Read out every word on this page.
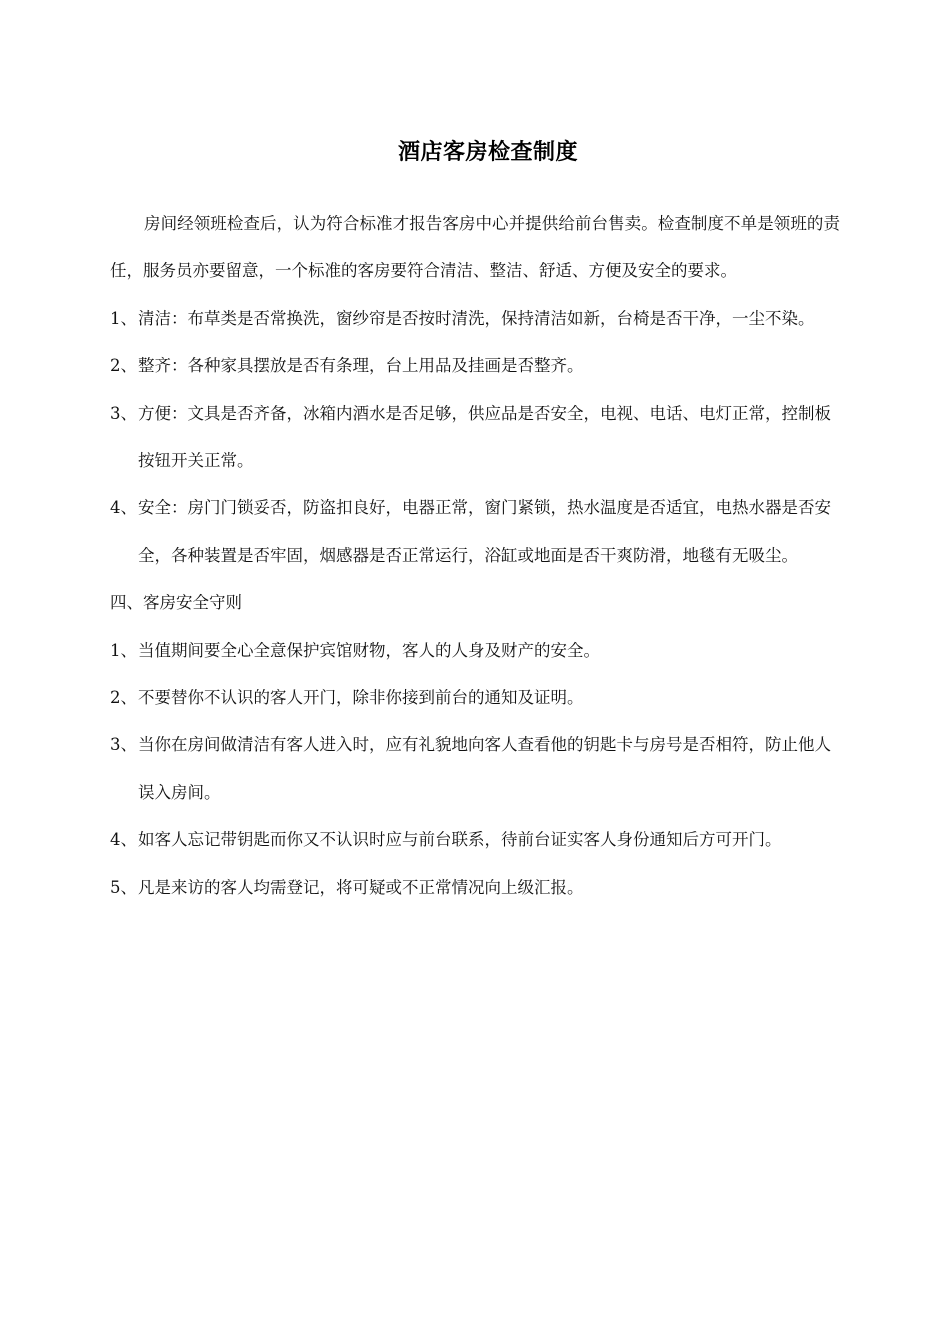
酒店客房检查制度

房间经领班检查后，认为符合标准才报告客房中心并提供给前台售卖。检查制度不单是领班的责任，服务员亦要留意，一个标准的客房要符合清洁、整洁、舒适、方便及安全的要求。

1、 清洁：布草类是否常换洗，窗纱帘是否按时清洗，保持清洁如新，台椅是否干净，一尘不染。

2、 整齐：各种家具摆放是否有条理，台上用品及挂画是否整齐。

3、 方便：文具是否齐备，冰箱内酒水是否足够，供应品是否安全，电视、电话、电灯正常，控制板按钮开关正常。

4、 安全：房门门锁妥否，防盗扣良好，电器正常，窗门紧锁，热水温度是否适宜，电热水器是否安全，各种装置是否牢固，烟感器是否正常运行，浴缸或地面是否干爽防滑，地毯有无吸尘。

四、客房安全守则

1、 当值期间要全心全意保护宾馆财物，客人的人身及财产的安全。

2、 不要替你不认识的客人开门，除非你接到前台的通知及证明。

3、 当你在房间做清洁有客人进入时，应有礼貌地向客人查看他的钥匙卡与房号是否相符，防止他人误入房间。

4、 如客人忘记带钥匙而你又不认识时应与前台联系，待前台证实客人身份通知后方可开门。

5、 凡是来访的客人均需登记，将可疑或不正常情况向上级汇报。
